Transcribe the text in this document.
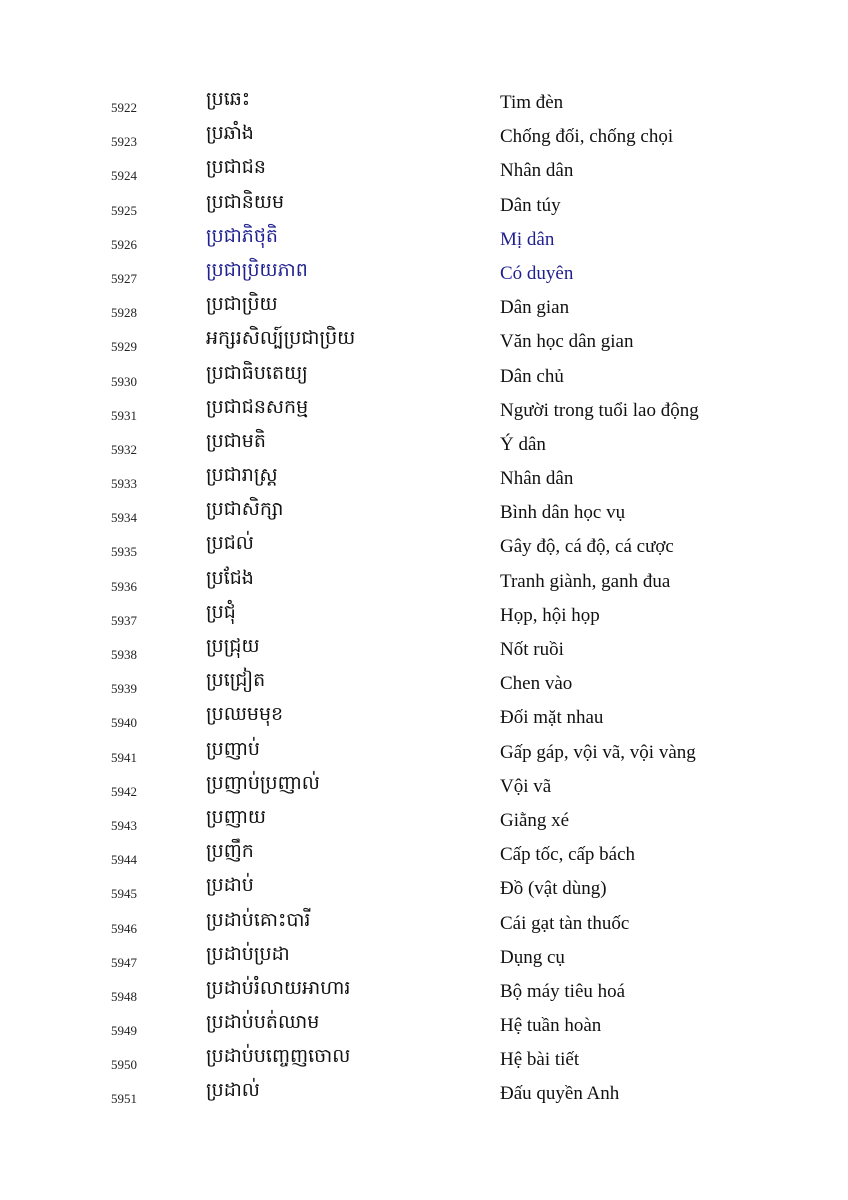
5922	ប្រឆេះ	Tim đèn
5923	ប្រឆាំង	Chống đối, chống chọi
5924	ប្រជាជន	Nhân dân
5925	ប្រជានិយម	Dân túy
5926	ប្រជាភិថុតិ	Mị dân
5927	ប្រជាប្រិយភាព	Có duyên
5928	ប្រជាប្រិយ	Dân gian
5929	អក្សរសិល្ប៍ប្រជាប្រិយ	Văn học dân gian
5930	ប្រជាធិបតេយ្យ	Dân chủ
5931	ប្រជាជនសកម្ម	Người trong tuổi lao động
5932	ប្រជាមតិ	Ý dân
5933	ប្រជារាស្ត្រ	Nhân dân
5934	ប្រជាសិក្សា	Bình dân học vụ
5935	ប្រជល់	Gây độ, cá độ, cá cược
5936	ប្រជែង	Tranh giành, ganh đua
5937	ប្រជុំ	Họp, hội họp
5938	ប្រជ្រុយ	Nốt ruồi
5939	ប្រជ្រៀត	Chen vào
5940	ប្រឈមមុខ	Đối mặt nhau
5941	ប្រញាប់	Gấp gáp, vội vã, vội vàng
5942	ប្រញាប់ប្រញាល់	Vội vã
5943	ប្រញាយ	Giằng xé
5944	ប្រញឹក	Cấp tốc, cấp bách
5945	ប្រដាប់	Đồ (vật dùng)
5946	ប្រដាប់គោះបារី	Cái gạt tàn thuốc
5947	ប្រដាប់ប្រដា	Dụng cụ
5948	ប្រដាប់រំលាយអាហារ	Bộ máy tiêu hoá
5949	ប្រដាប់បត់ឈាម	Hệ tuần hoàn
5950	ប្រដាប់បញ្ចេញចោល	Hệ bài tiết
5951	ប្រដាល់	Đấu quyền Anh
